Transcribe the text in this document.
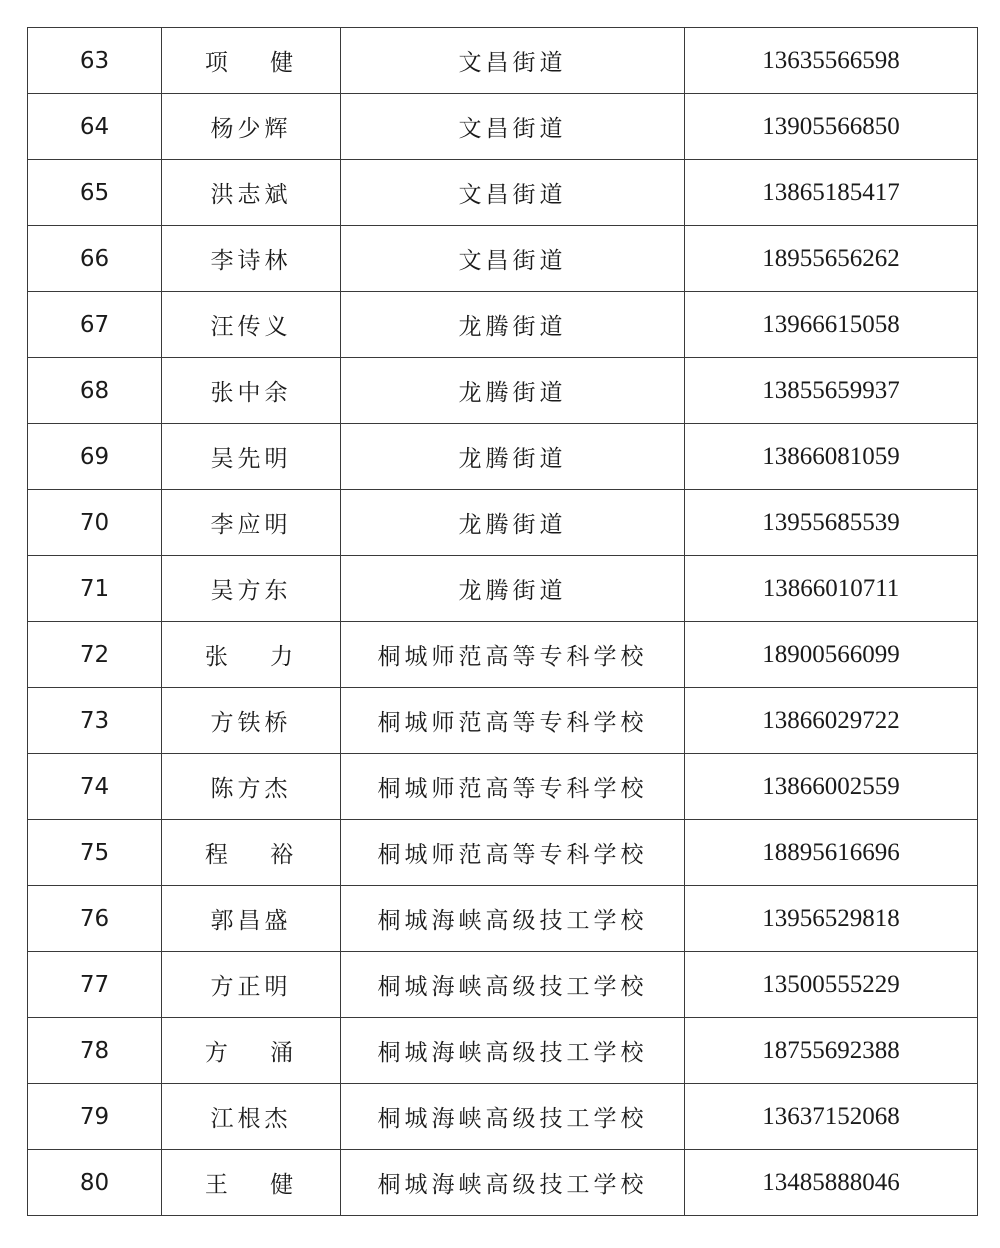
63	项　 健	文昌街道	13635566598
64	杨少辉	文昌街道	13905566850
65	洪志斌	文昌街道	13865185417
66	李诗林	文昌街道	18955656262
67	汪传义	龙腾街道	13966615058
68	张中余	龙腾街道	13855659937
69	吴先明	龙腾街道	13866081059
70	李应明	龙腾街道	13955685539
71	吴方东	龙腾街道	13866010711
72	张　 力	桐城师范高等专科学校	18900566099
73	方铁桥	桐城师范高等专科学校	13866029722
74	陈方杰	桐城师范高等专科学校	13866002559
75	程　 裕	桐城师范高等专科学校	18895616696
76	郭昌盛	桐城海峡高级技工学校	13956529818
77	方正明	桐城海峡高级技工学校	13500555229
78	方　 涌	桐城海峡高级技工学校	18755692388
79	江根杰	桐城海峡高级技工学校	13637152068
80	王　 健	桐城海峡高级技工学校	13485888046
